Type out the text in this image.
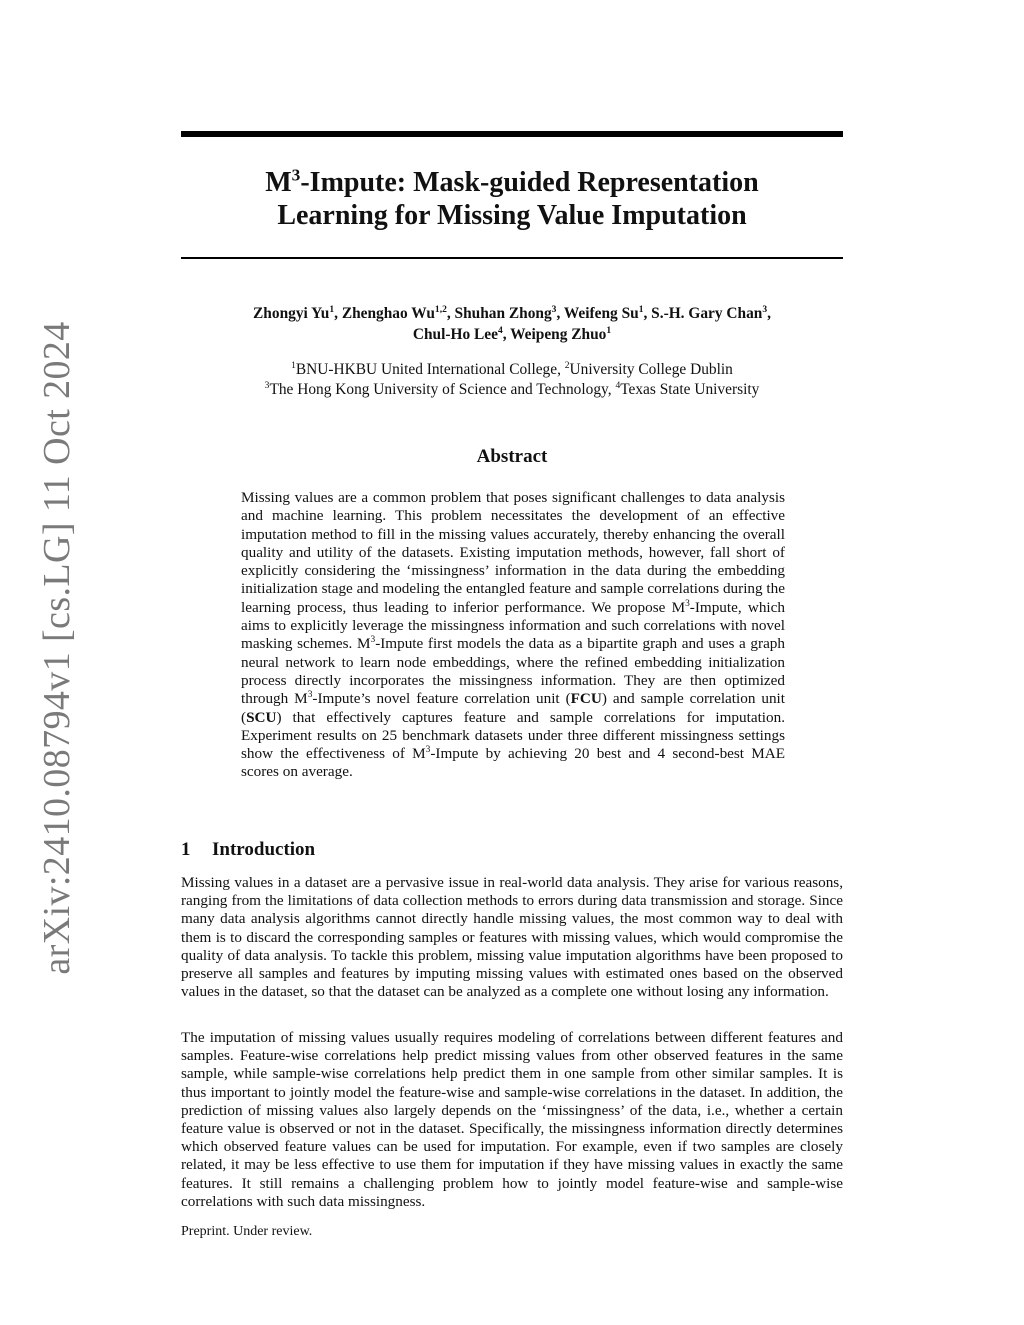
arXiv:2410.08794v1 [cs.LG] 11 Oct 2024
$M^3$-Impute: Mask-guided Representation
Learning for Missing Value Imputation
Zhongyi Yu$^1$, Zhenghao Wu$^{1,2}$, Shuhan Zhong$^3$, Weifeng Su$^1$, S.-H. Gary Chan$^3$,
Chul-Ho Lee$^4$, Weipeng Zhuo$^1$
$^1$BNU-HKBU United International College, $^2$University College Dublin
$^3$The Hong Kong University of Science and Technology, $^4$Texas State University
Abstract
Missing values are a common problem that poses significant challenges to data analysis and machine learning. This problem necessitates the development of an effective imputation method to fill in the missing values accurately, thereby enhancing the overall quality and utility of the datasets. Existing imputation methods, however, fall short of explicitly considering the ‘missingness’ information in the data during the embedding initialization stage and modeling the entangled feature and sample correlations during the learning process, thus leading to inferior performance. We propose $M^3$-Impute, which aims to explicitly leverage the missingness information and such correlations with novel masking schemes. $M^3$-Impute first models the data as a bipartite graph and uses a graph neural network to learn node embeddings, where the refined embedding initialization process directly incorporates the missingness information. They are then optimized through $M^3-Impute’s$ novel feature correlation unit (FCU) and sample correlation unit (SCU) that effectively captures feature and sample correlations for imputation. Experiment results on 25 benchmark datasets under three different missingness settings show the effectiveness of $M^3$-Impute by achieving 20 best and 4 second-best MAE scores on average.
1 Introduction
Missing values in a dataset are a pervasive issue in real-world data analysis. They arise for various reasons, ranging from the limitations of data collection methods to errors during data transmission and storage. Since many data analysis algorithms cannot directly handle missing values, the most common way to deal with them is to discard the corresponding samples or features with missing values, which would compromise the quality of data analysis. To tackle this problem, missing value imputation algorithms have been proposed to preserve all samples and features by imputing missing values with estimated ones based on the observed values in the dataset, so that the dataset can be analyzed as a complete one without losing any information.
The imputation of missing values usually requires modeling of correlations between different features and samples. Feature-wise correlations help predict missing values from other observed features in the same sample, while sample-wise correlations help predict them in one sample from other similar samples. It is thus important to jointly model the feature-wise and sample-wise correlations in the dataset. In addition, the prediction of missing values also largely depends on the ‘missingness’ of the data, i.e., whether a certain feature value is observed or not in the dataset. Specifically, the missingness information directly determines which observed feature values can be used for imputation. For example, even if two samples are closely related, it may be less effective to use them for imputation if they have missing values in exactly the same features. It still remains a challenging problem how to jointly model feature-wise and sample-wise correlations with such data missingness.
Preprint. Under review.
